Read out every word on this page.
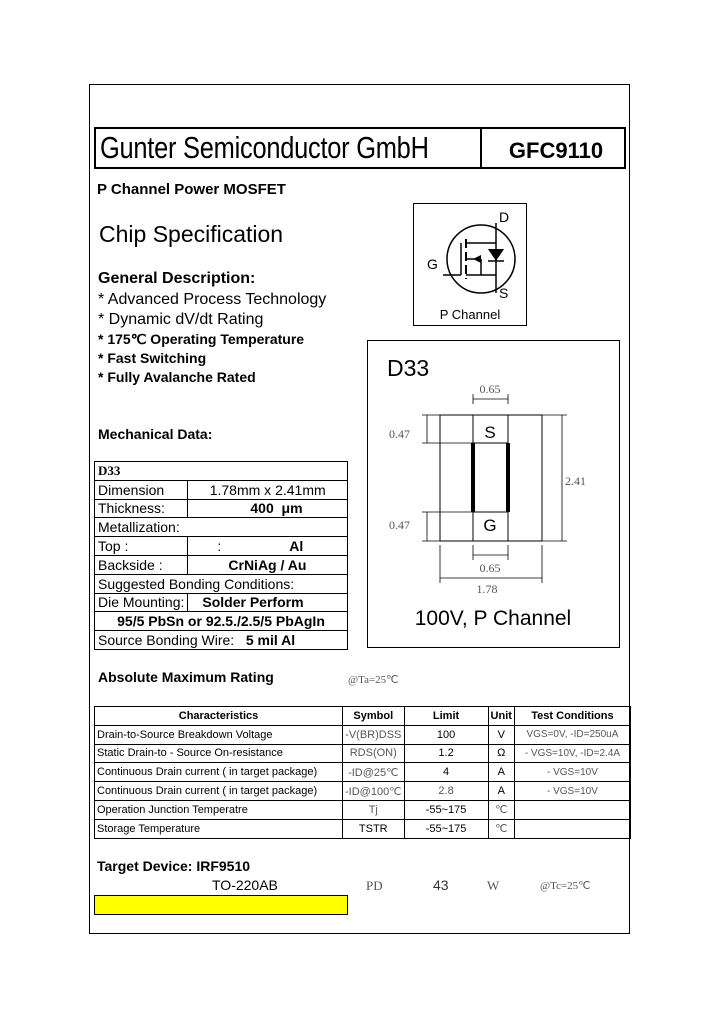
Gunter Semiconductor GmbH	GFC9110
P Channel Power MOSFET
Chip Specification
General Description:
* Advanced Process Technology
* Dynamic dV/dt Rating
* 175℃ Operating Temperature
* Fast Switching
* Fully Avalanche Rated
D
G
S
P Channel
D33
S
G
0.65
0.47
0.47
2.41
0.65
1.78
100V, P Channel
Mechanical Data:
D33	
Dimension	1.78mm x 2.41mm
Thickness:	400 μm
Metallization:	
Top :	: Al
Backside :	CrNiAg / Au
Suggested Bonding Conditions:	
Die Mounting:	Solder Perform
95/5 PbSn or 92.5./2.5/5 PbAgIn	
Source Bonding Wire: 5 mil Al	
Absolute Maximum Rating	@Ta=25℃
Characteristics	Symbol	Limit	Unit	Test Conditions
Drain-to-Source Breakdown Voltage	-V(BR)DSS	100	V	VGS=0V, -ID=250uA
Static Drain-to - Source On-resistance	RDS(ON)	1.2	Ω	- VGS=10V, -ID=2.4A
Continuous Drain current ( in target package)	-ID@25℃	4	A	- VGS=10V
Continuous Drain current ( in target package)	-ID@100℃	2.8	A	- VGS=10V
Operation Junction Temperatre	Tj	-55~175	℃	
Storage Temperature	TSTR	-55~175	℃	
Target Device: IRF9510
TO-220AB	PD	43	W	@Tc=25℃
